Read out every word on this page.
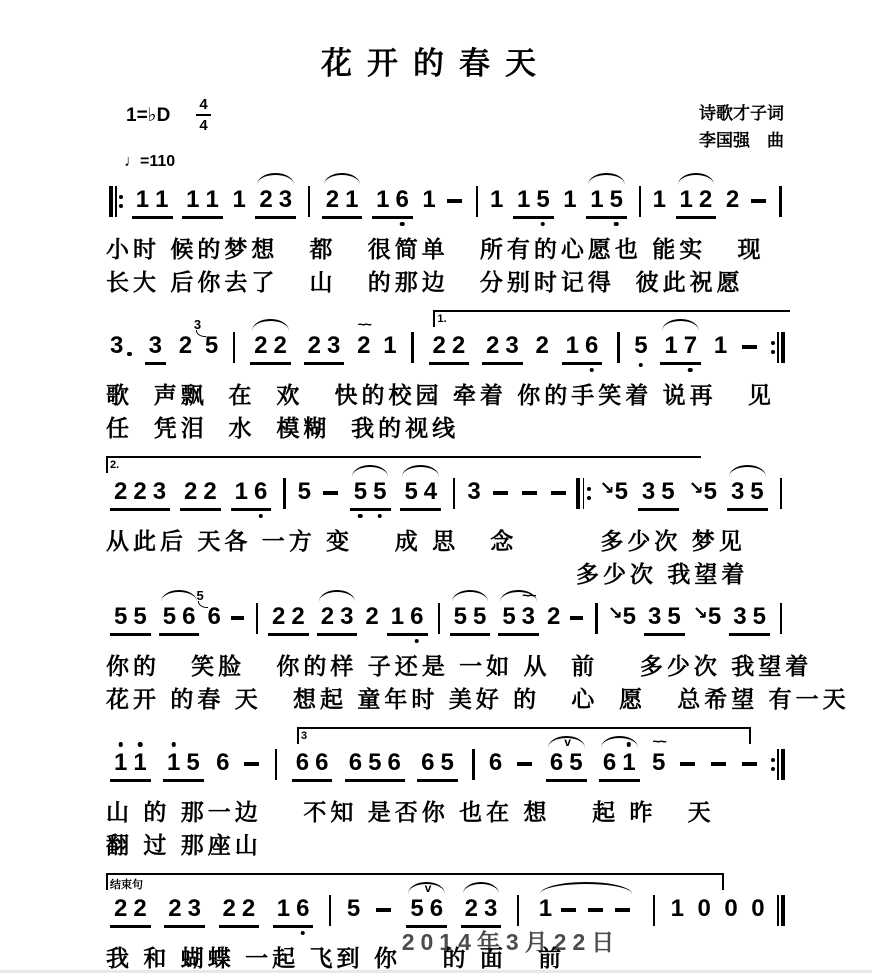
花开的春天
1=♭D $\frac{4}{4}$
♩=110
诗歌才子词
李国强　曲
1 1 1 1 1 2 3 2 1 1 6 1 1 1 5 1 1 5 1 1 2 2
小时 候的梦想   都   很简单   所有的心愿也 能实   现
长大 后你去了   山   的那边   分别时记得  彼此祝愿
1.
3 3 2
3
5 2 2 2 3 2
~~
1 2 2 2 3 2 1 6 5 1 7 1
歌  声飘  在  欢   快的校园 牵着 你的手笑着 说再   见
任  凭泪  水  模糊  我的视线
2.
2 2 3 2 2 1 6 5 5 5 5 4 3	↘ 5 3 5 ↘ 5 3 5
从此后 天各 一方 变    成 思   念        多少次 梦见
多少次 我望着
5 5 5 6
5
6 2 2 2 3 2 1 6 5 5 5 3
~~
2	↘ 5 3 5 ↘ 5 3 5
你的   笑脸   你的样 子还是 一如 从  前    多少次 我望着
花开 的春 天   想起 童年时 美好 的   心  愿   总希望 有一天
3
1 1 1 5 6	6 6 6 5 6 6 5 6 6 5
v
6 1 5
~~
山 的 那一边    不知 是否你 也在 想    起 昨   天
翻 过 那座山
结束句
2 2 2 3 2 2 1 6 5 5 6
v
2 3 1	1 0 0 0
我 和 蝴蝶 一起 飞到 你    的 面   前
2014年3月22日
